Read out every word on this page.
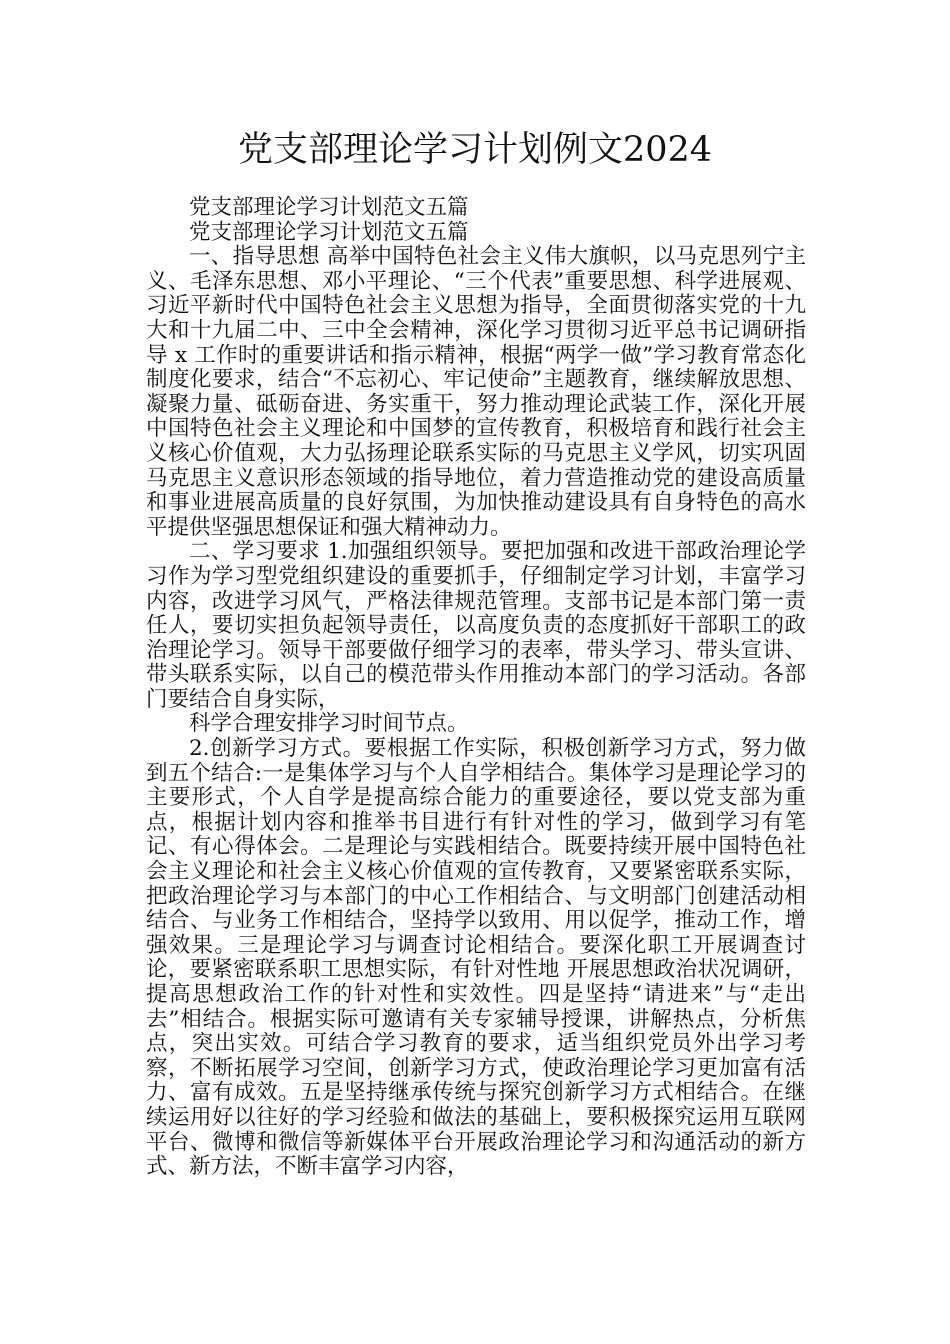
党支部理论学习计划例文2024

党支部理论学习计划范文五篇

党支部理论学习计划范文五篇

一、指导思想 高举中国特色社会主义伟大旗帜，以马克思列宁主义、毛泽东思想、邓小平理论、“三个代表”重要思想、科学进展观、习近平新时代中国特色社会主义思想为指导，全面贯彻落实党的十九大和十九届二中、三中全会精神，深化学习贯彻习近平总书记调研指导 x 工作时的重要讲话和指示精神，根据“两学一做”学习教育常态化制度化要求，结合“不忘初心、牢记使命”主题教育，继续解放思想、凝聚力量、砥砺奋进、务实重干，努力推动理论武装工作，深化开展中国特色社会主义理论和中国梦的宣传教育，积极培育和践行社会主义核心价值观，大力弘扬理论联系实际的马克思主义学风，切实巩固马克思主义意识形态领域的指导地位，着力营造推动党的建设高质量和事业进展高质量的良好氛围，为加快推动建设具有自身特色的高水平提供坚强思想保证和强大精神动力。

二、学习要求 1.加强组织领导。要把加强和改进干部政治理论学习作为学习型党组织建设的重要抓手，仔细制定学习计划，丰富学习内容，改进学习风气，严格法律规范管理。支部书记是本部门第一责任人，要切实担负起领导责任，以高度负责的态度抓好干部职工的政治理论学习。领导干部要做仔细学习的表率，带头学习、带头宣讲、带头联系实际，以自己的模范带头作用推动本部门的学习活动。各部门要结合自身实际，

科学合理安排学习时间节点。

2.创新学习方式。要根据工作实际，积极创新学习方式，努力做到五个结合:一是集体学习与个人自学相结合。集体学习是理论学习的主要形式，个人自学是提高综合能力的重要途径，要以党支部为重点，根据计划内容和推举书目进行有针对性的学习，做到学习有笔记、有心得体会。二是理论与实践相结合。既要持续开展中国特色社会主义理论和社会主义核心价值观的宣传教育，又要紧密联系实际，把政治理论学习与本部门的中心工作相结合、与文明部门创建活动相结合、与业务工作相结合，坚持学以致用、用以促学，推动工作，增强效果。三是理论学习与调查讨论相结合。要深化职工开展调查讨论，要紧密联系职工思想实际，有针对性地 开展思想政治状况调研，提高思想政治工作的针对性和实效性。四是坚持“请进来”与“走出去”相结合。根据实际可邀请有关专家辅导授课，讲解热点，分析焦点，突出实效。可结合学习教育的要求，适当组织党员外出学习考察，不断拓展学习空间，创新学习方式，使政治理论学习更加富有活力、富有成效。五是坚持继承传统与探究创新学习方式相结合。在继续运用好以往好的学习经验和做法的基础上，要积极探究运用互联网平台、微博和微信等新媒体平台开展政治理论学习和沟通活动的新方式、新方法，不断丰富学习内容，
